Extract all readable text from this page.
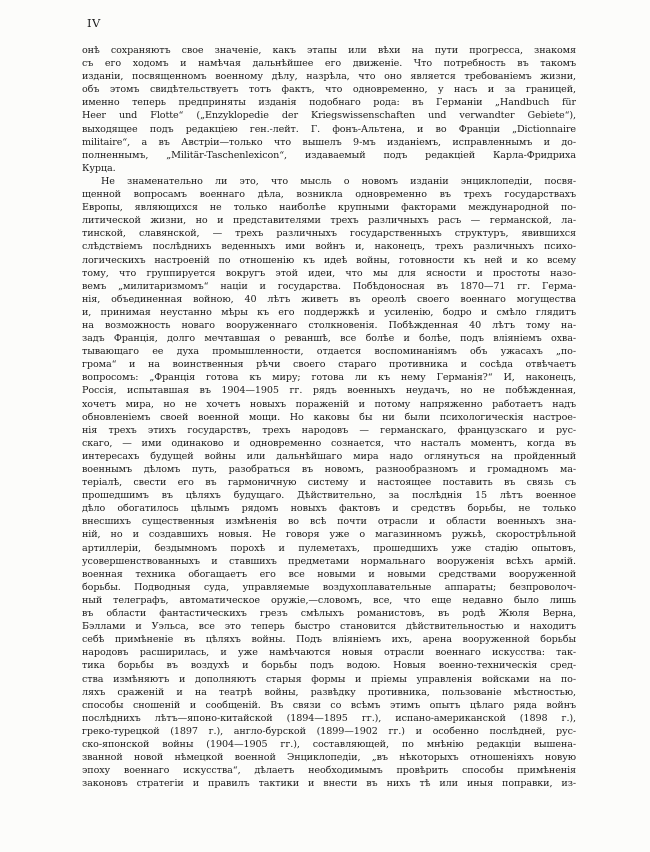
IV
онѣ сохраняютъ свое значеніе, какъ этапы или вѣхи на пути прогресса, знакомя
съ его ходомъ и намѣчая дальнѣйшее его движеніе. Что потребность въ такомъ
изданіи, посвященномъ военному дѣлу, назрѣла, что оно является требованіемъ жизни,
объ этомъ свидѣтельствуетъ тотъ фактъ, что одновременно, у насъ и за границей,
именно теперь предприняты изданія подобнаго рода: въ Германіи „Handbuch für
Heer und Flotte“ („Enzyklopedie der Kriegswissenschaften und verwandter Gebiete“),
выходящее подъ редакціею ген.-лейт. Г. фонъ-Альтена, и во Франціи „Dictionnaire
militaire“, а въ Австріи—только что вышелъ 9-мъ изданіемъ, исправленнымъ и до-
полненнымъ, „Militär-Taschenlexicon“, издаваемый подъ редакціей Карла-Фридриха
Курца.
Не знаменательно ли это, что мысль о новомъ изданіи энциклопедіи, посвя-
щенной вопросамъ военнаго дѣла, возникла одновременно въ трехъ государствахъ
Европы, являющихся не только наиболѣе крупными факторами международной по-
литической жизни, но и представителями трехъ различныхъ расъ — германской, ла-
тинской, славянской, — трехъ различныхъ государственныхъ структуръ, явившихся
слѣдствіемъ послѣднихъ веденныхъ ими войнъ и, наконецъ, трехъ различныхъ психо-
логическихъ настроеній по отношенію къ идеѣ войны, готовности къ ней и ко всему
тому, что группируется вокругъ этой идеи, что мы для ясности и простоты назо-
вемъ „милитаризмомъ“ націи и государства. Побѣдоносная въ 1870—71 гг. Герма-
нія, объединенная войною, 40 лѣтъ живетъ въ ореолѣ своего военнаго могущества
и, принимая неустанно мѣры къ его поддержкѣ и усиленію, бодро и смѣло глядитъ
на возможность новаго вооруженнаго столкновенія. Побѣжденная 40 лѣтъ тому на-
задъ Франція, долго мечтавшая о реваншѣ, все болѣе и болѣе, подъ вліяніемъ охва-
тывающаго ее духа промышленности, отдается воспоминаніямъ объ ужасахъ „по-
грома“ и на воинственныя рѣчи своего стараго противника и сосѣда отвѣчаетъ
вопросомъ: „Франція готова къ миру; готова ли къ нему Германія?“ И, наконецъ,
Россія, испытавшая въ 1904—1905 гг. рядъ военныхъ неудачъ, но не побѣжденная,
хочетъ мира, но не хочетъ новыхъ пораженій и потому напряженно работаетъ надъ
обновленіемъ своей военной мощи. Но каковы бы ни были психологическія настрое-
нія трехъ этихъ государствъ, трехъ народовъ — германскаго, французскаго и рус-
скаго, — ими одинаково и одновременно сознается, что насталъ моментъ, когда въ
интересахъ будущей войны или дальнѣйшаго мира надо оглянуться на пройденный
военнымъ дѣломъ путь, разобраться въ новомъ, разнообразномъ и громадномъ ма-
теріалѣ, свести его въ гармоничную систему и настоящее поставить въ связь съ
прошедшимъ въ цѣляхъ будущаго. Дѣйствительно, за послѣднія 15 лѣтъ военное
дѣло обогатилось цѣлымъ рядомъ новыхъ фактовъ и средствъ борьбы, не только
внесшихъ существенныя измѣненія во всѣ почти отрасли и области военныхъ зна-
ній, но и создавшихъ новыя. Не говоря уже о магазинномъ ружьѣ, скорострѣльной
артиллеріи, бездымномъ порохѣ и пулеметахъ, прошедшихъ уже стадію опытовъ,
усовершенствованныхъ и ставшихъ предметами нормальнаго вооруженія всѣхъ армій.
военная техника обогащаетъ его все новыми и новыми средствами вооруженной
борьбы. Подводныя суда, управляемые воздухоплавательные аппараты; безпроволоч-
ный телеграфъ, автоматическое оружіе,—словомъ, все, что еще недавно было лишь
въ области фантастическихъ грезъ смѣлыхъ романистовъ, въ родѣ Жюля Верна,
Бэллами и Уэльса, все это теперь быстро становится дѣйствительностью и находитъ
себѣ примѣненіе въ цѣляхъ войны. Подъ вліяніемъ ихъ, арена вооруженной борьбы
народовъ расширилась, и уже намѣчаются новыя отрасли военнаго искусства: так-
тика борьбы въ воздухѣ и борьбы подъ водою. Новыя военно-техническія сред-
ства измѣняютъ и дополняютъ старыя формы и пріемы управленія войсками на по-
ляхъ сраженій и на театрѣ войны, развѣдку противника, пользованіе мѣстностью,
способы сношеній и сообщеній. Въ связи со всѣмъ этимъ опытъ цѣлаго ряда войнъ
послѣднихъ лѣтъ—японо-китайской (1894—1895 гг.), испано-американской (1898 г.),
греко-турецкой (1897 г.), англо-бурской (1899—1902 гг.) и особенно послѣдней, рус-
ско-японской войны (1904—1905 гг.), составляющей, по мнѣнію редакціи вышена-
званной новой нѣмецкой военной Энциклопедіи, „въ нѣкоторыхъ отношеніяхъ новую
эпоху военнаго искусства“, дѣлаетъ необходимымъ провѣрить способы примѣненія
законовъ стратегіи и правилъ тактики и внести въ нихъ тѣ или иныя поправки, из-
